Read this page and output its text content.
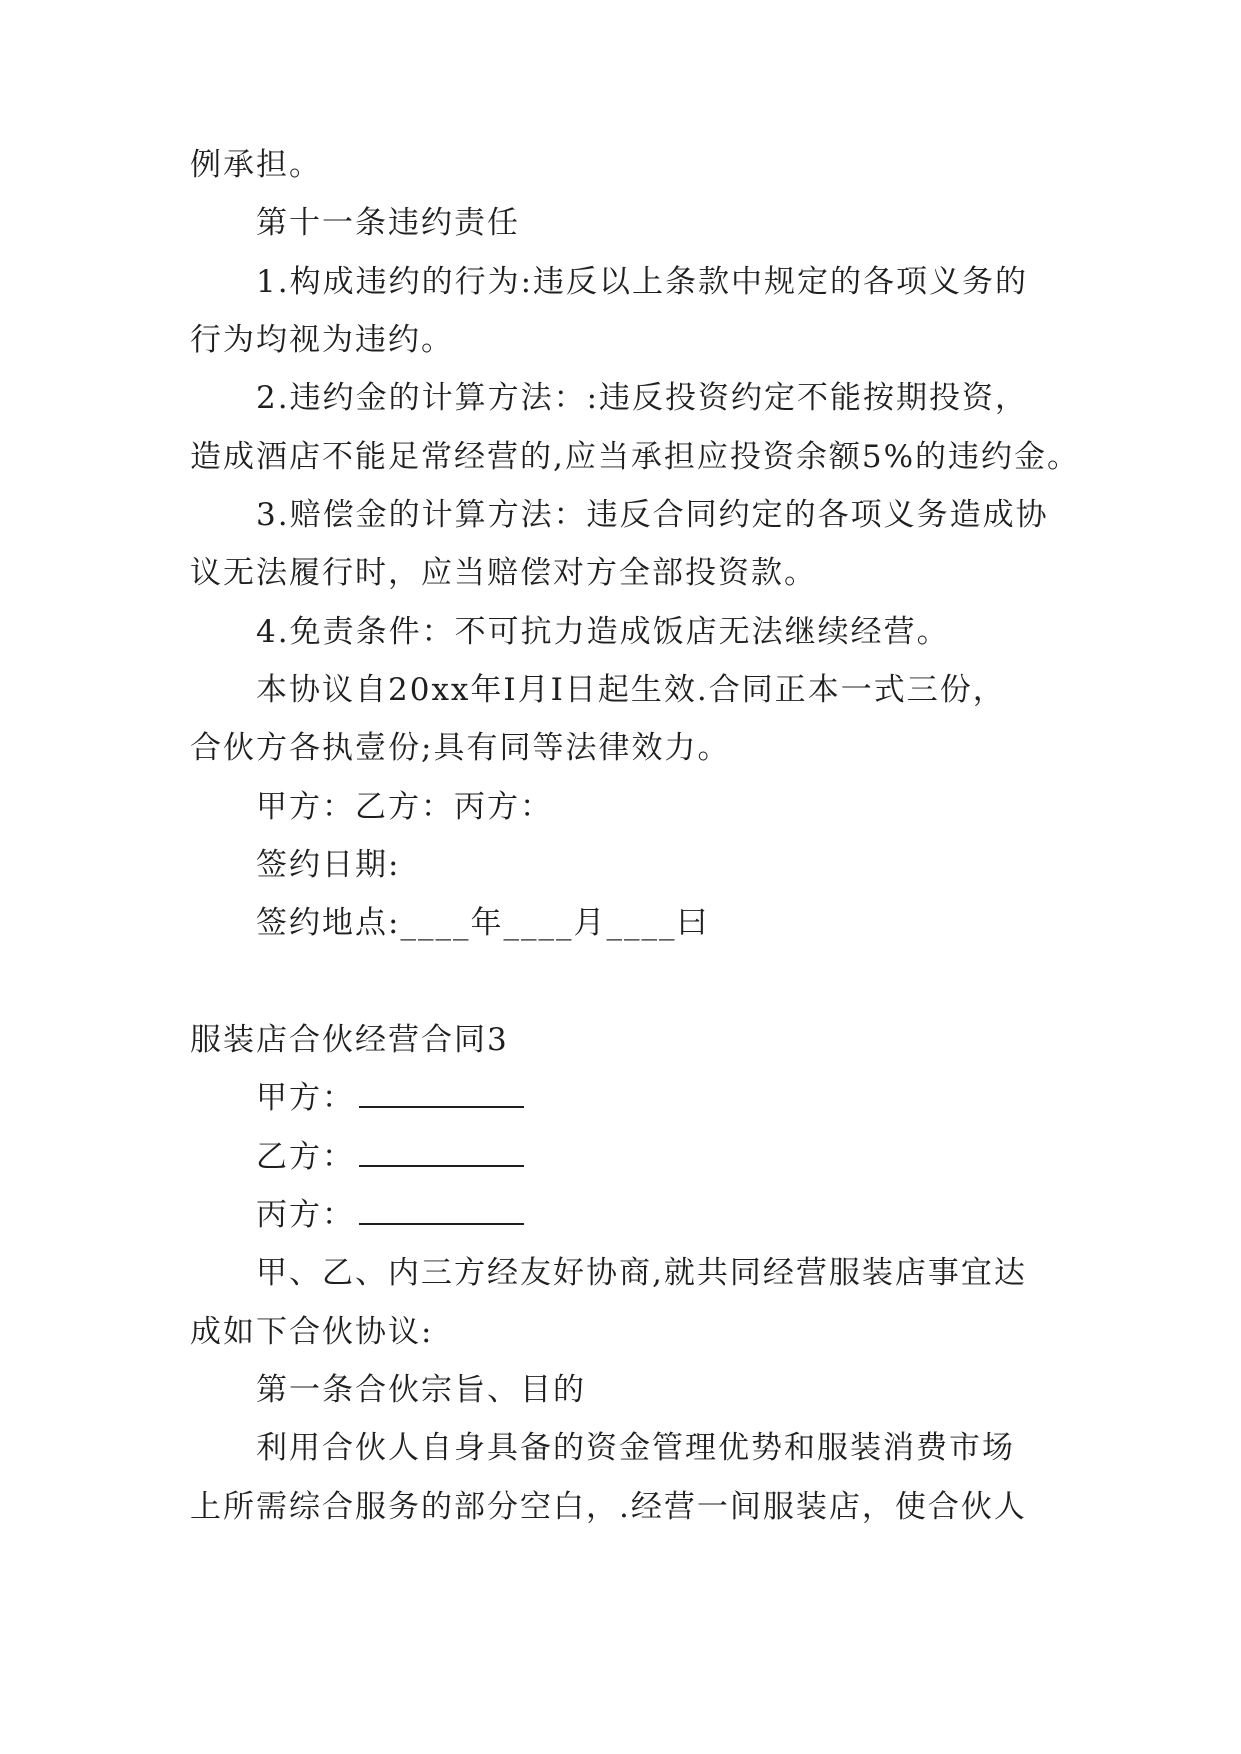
例承担。

第十一条违约责任

1.构成违约的行为:违反以上条款中规定的各项义务的

行为均视为违约。

2.违约金的计算方法：:违反投资约定不能按期投资，

造成酒店不能足常经营的,应当承担应投资余额5%的违约金。

3.赔偿金的计算方法：违反合同约定的各项义务造成协

议无法履行时，应当赔偿对方全部投资款。

4.免责条件：不可抗力造成饭店无法继续经营。

本协议自20xx年I月I日起生效.合同正本一式三份，

合伙方各执壹份;具有同等法律效力。

甲方：乙方：丙方：

签约日期:

签约地点:____年____月____曰

服装店合伙经营合同3

甲方：

乙方：

丙方：

甲、乙、内三方经友好协商,就共同经营服装店事宜达

成如下合伙协议:

第一条合伙宗旨、目的

利用合伙人自身具备的资金管理优势和服装消费市场

上所需综合服务的部分空白，.经营一间服装店，使合伙人
